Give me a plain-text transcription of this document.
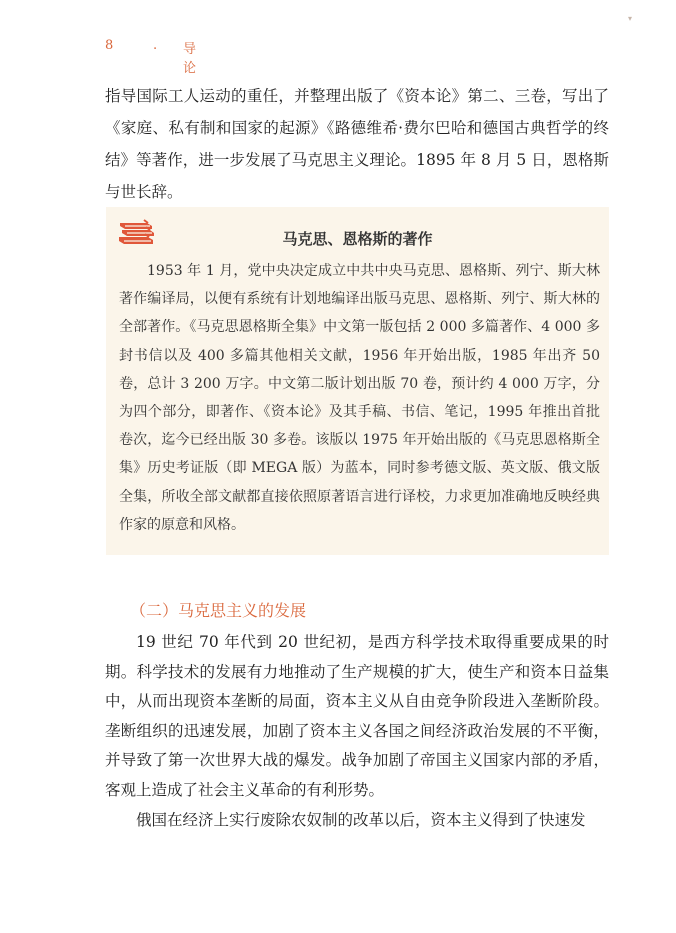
▾
8	. 导论
指导国际工人运动的重任，并整理出版了《资本论》第二、三卷，写出了《家庭、私有制和国家的起源》《路德维希·费尔巴哈和德国古典哲学的终结》等著作，进一步发展了马克思主义理论。1895 年 8 月 5 日，恩格斯与世长辞。
马克思、恩格斯的著作
1953 年 1 月，党中央决定成立中共中央马克思、恩格斯、列宁、斯大林著作编译局，以便有系统有计划地编译出版马克思、恩格斯、列宁、斯大林的全部著作。《马克思恩格斯全集》中文第一版包括 2 000 多篇著作、4 000 多封书信以及 400 多篇其他相关文献，1956 年开始出版，1985 年出齐 50 卷，总计 3 200 万字。中文第二版计划出版 70 卷，预计约 4 000 万字，分为四个部分，即著作、《资本论》及其手稿、书信、笔记，1995 年推出首批卷次，迄今已经出版 30 多卷。该版以 1975 年开始出版的《马克思恩格斯全集》历史考证版（即 MEGA 版）为蓝本，同时参考德文版、英文版、俄文版全集，所收全部文献都直接依照原著语言进行译校，力求更加准确地反映经典作家的原意和风格。
（二）马克思主义的发展

19 世纪 70 年代到 20 世纪初，是西方科学技术取得重要成果的时期。科学技术的发展有力地推动了生产规模的扩大，使生产和资本日益集中，从而出现资本垄断的局面，资本主义从自由竞争阶段进入垄断阶段。垄断组织的迅速发展，加剧了资本主义各国之间经济政治发展的不平衡，并导致了第一次世界大战的爆发。战争加剧了帝国主义国家内部的矛盾，客观上造成了社会主义革命的有利形势。

俄国在经济上实行废除农奴制的改革以后，资本主义得到了快速发
